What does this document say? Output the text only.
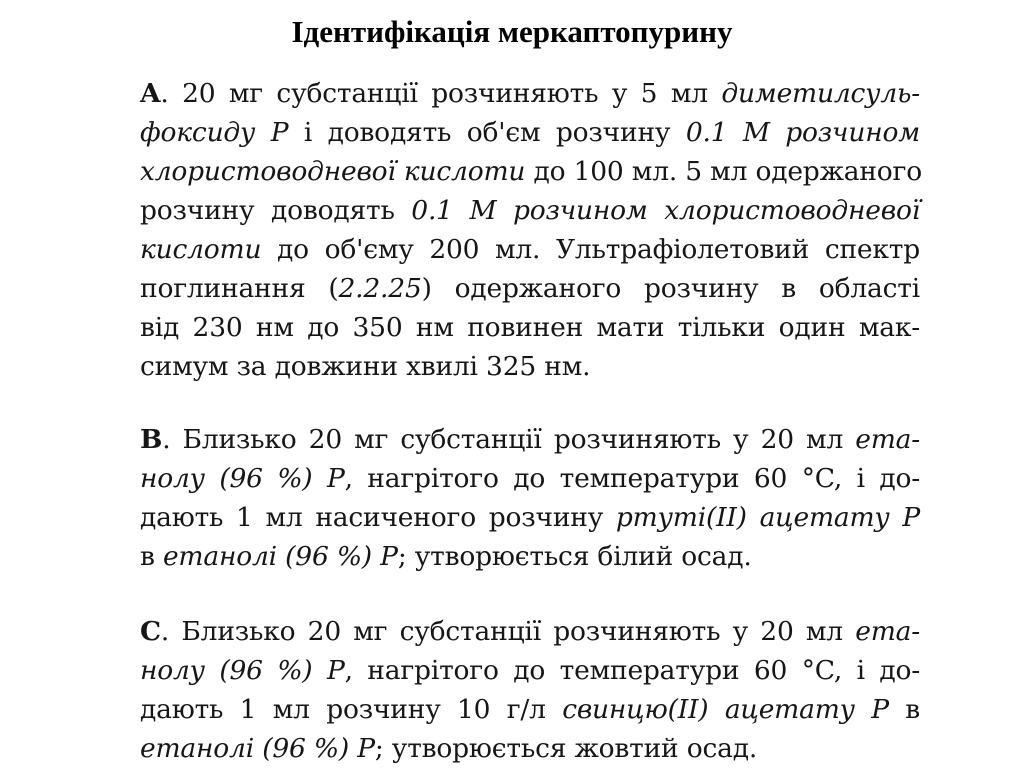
Ідентифікація меркаптопурину
A. 20 мг субстанції розчиняють у 5 мл диметилсуль-
фоксиду Р і доводять об'єм розчину 0.1 М розчином
хлористоводневої кислоти до 100 мл. 5 мл одержаного
розчину доводять 0.1 М розчином хлористоводневої
кислоти до об'єму 200 мл. Ультрафіолетовий спектр
поглинання (2.2.25) одержаного розчину в області
від 230 нм до 350 нм повинен мати тільки один мак-
симум за довжини хвилі 325 нм.
B. Близько 20 мг субстанції розчиняють у 20 мл ета-
нолу (96 %) Р, нагрітого до температури 60 °C, і до-
дають 1 мл насиченого розчину ртуті(ІІ) ацетату Р
в етанолі (96 %) Р; утворюється білий осад.
C. Близько 20 мг субстанції розчиняють у 20 мл ета-
нолу (96 %) Р, нагрітого до температури 60 °C, і до-
дають 1 мл розчину 10 г/л свинцю(ІІ) ацетату Р в
етанолі (96 %) Р; утворюється жовтий осад.
